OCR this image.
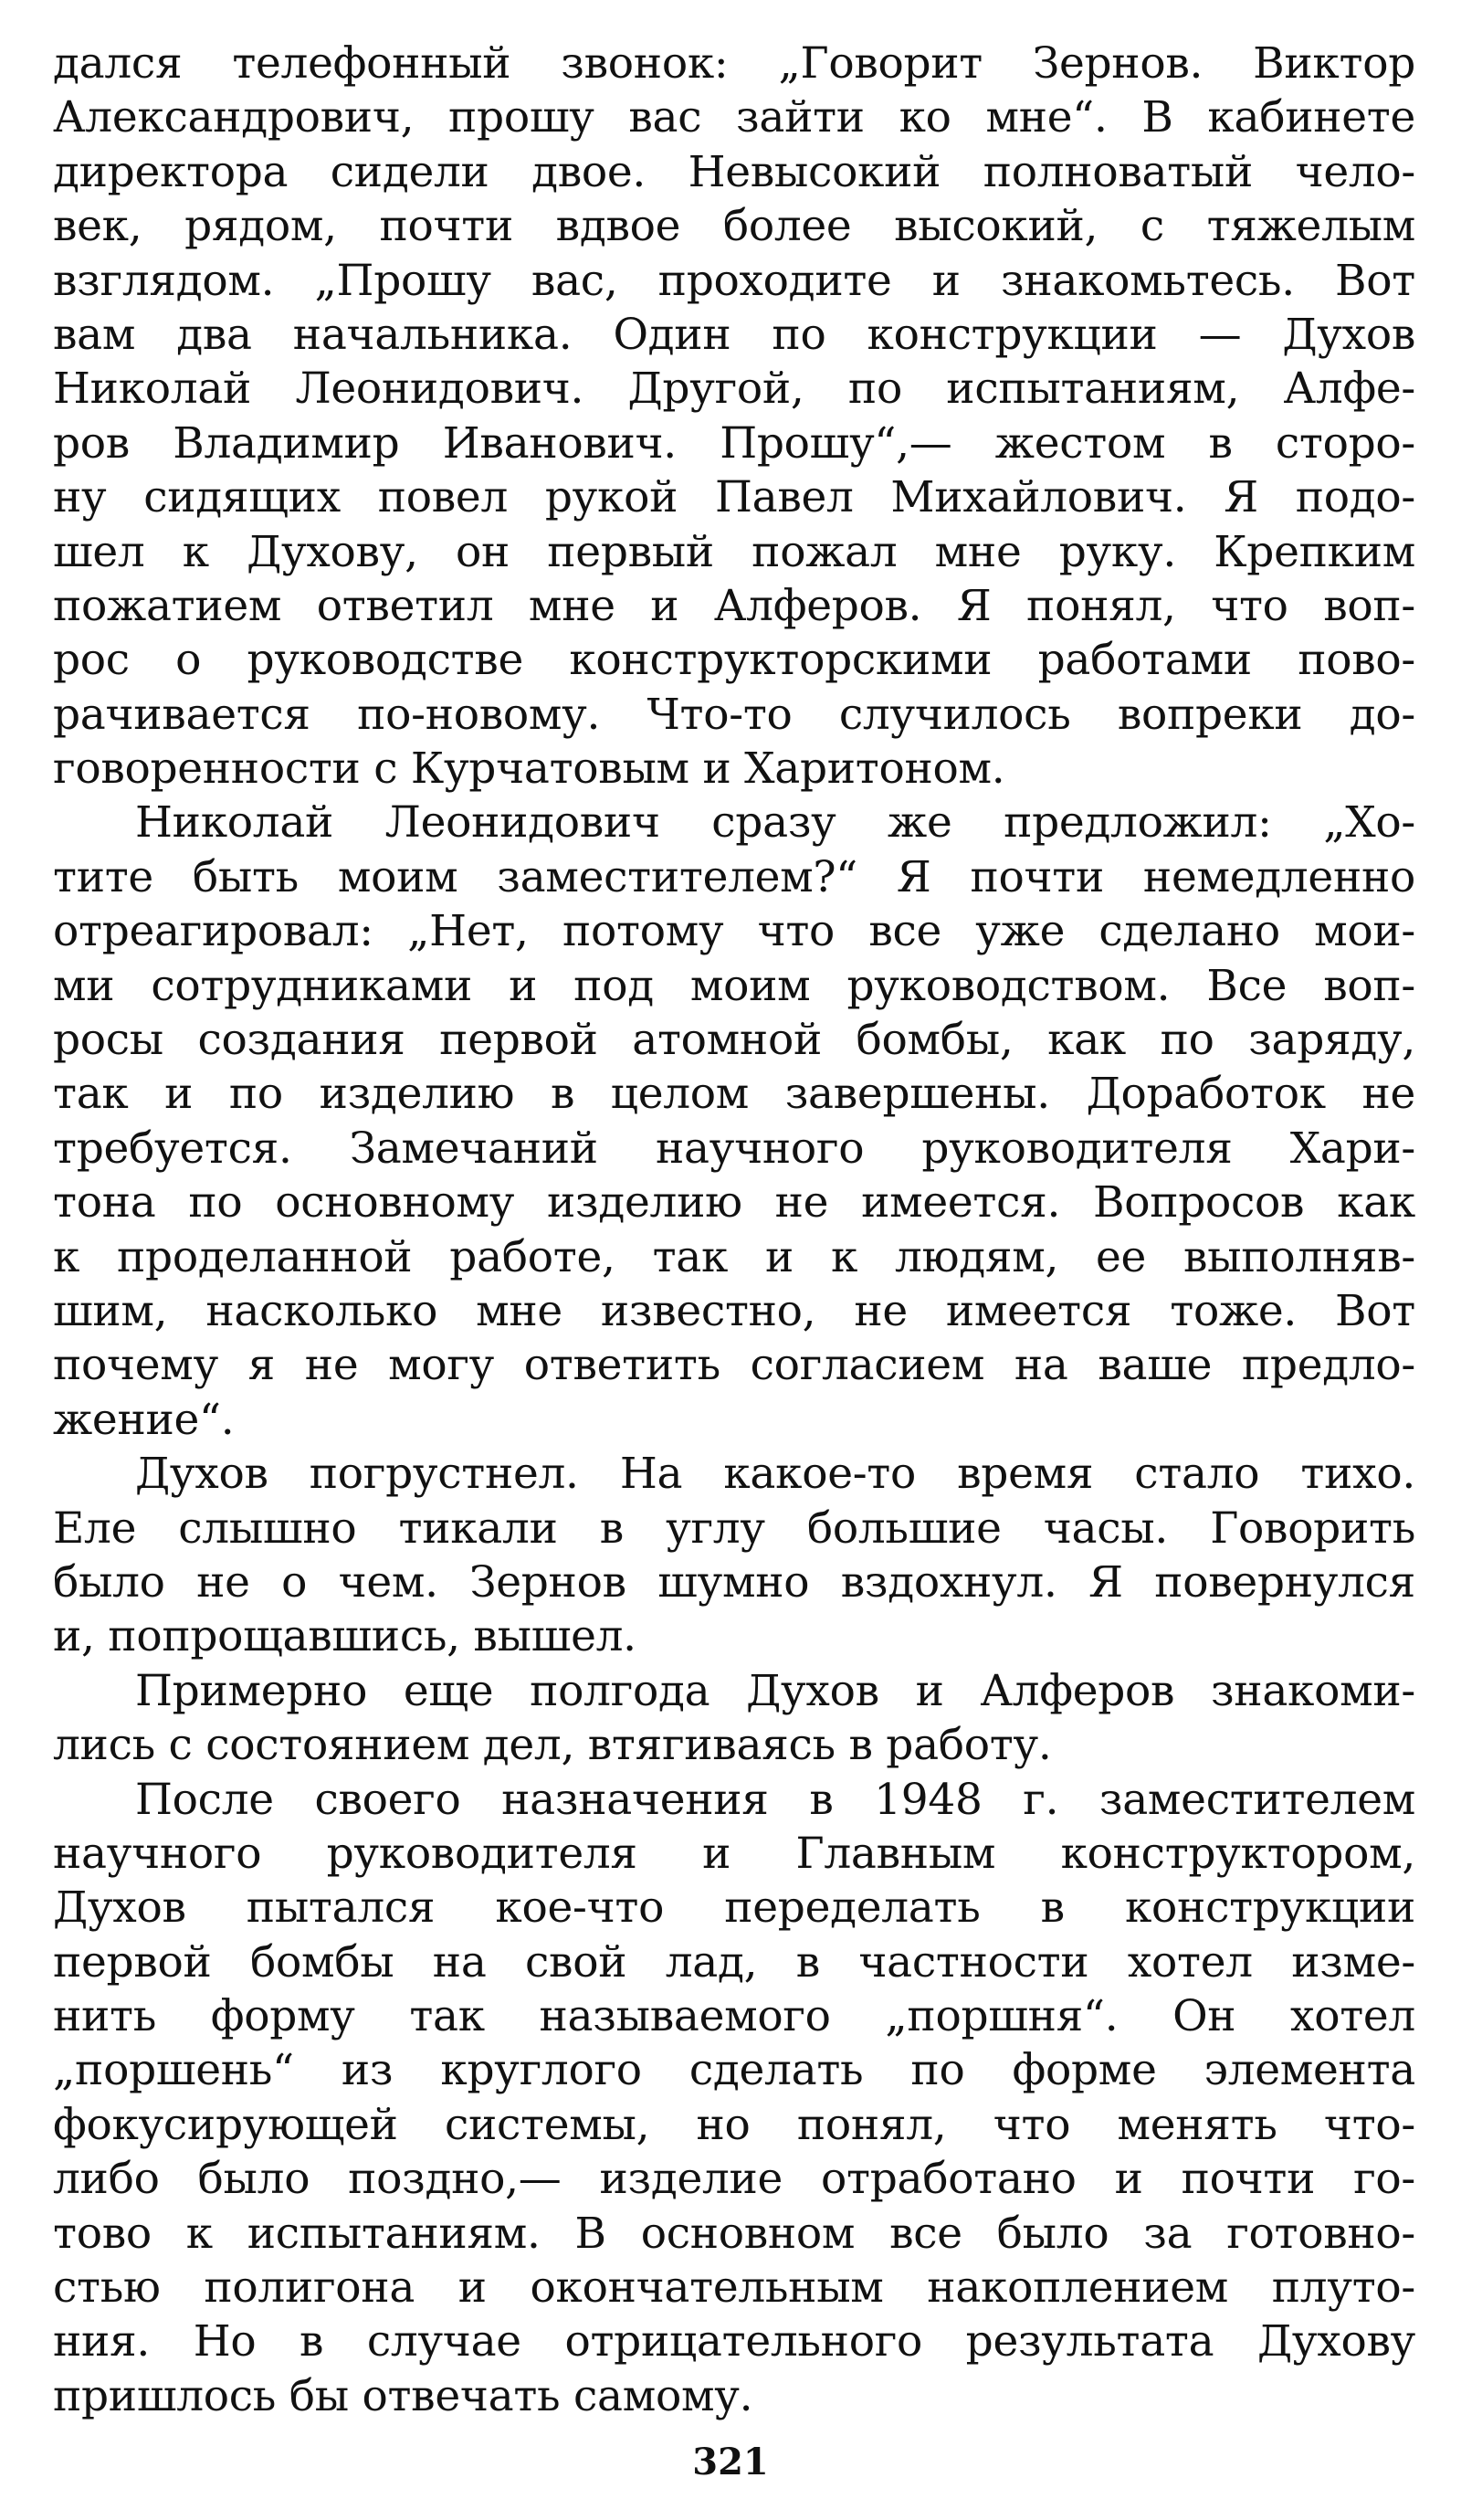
дался телефонный звонок: „Говорит Зернов. Виктор
Александрович, прошу вас зайти ко мне“. В кабинете
директора сидели двое. Невысокий полноватый чело-
век, рядом, почти вдвое более высокий, с тяжелым
взглядом. „Прошу вас, проходите и знакомьтесь. Вот
вам два начальника. Один по конструкции — Духов
Николай Леонидович. Другой, по испытаниям, Алфе-
ров Владимир Иванович. Прошу“,— жестом в сторо-
ну сидящих повел рукой Павел Михайлович. Я подо-
шел к Духову, он первый пожал мне руку. Крепким
пожатием ответил мне и Алферов. Я понял, что воп-
рос о руководстве конструкторскими работами пово-
рачивается по-новому. Что-то случилось вопреки до-
говоренности с Курчатовым и Харитоном.
Николай Леонидович сразу же предложил: „Хо-
тите быть моим заместителем?“ Я почти немедленно
отреагировал: „Нет, потому что все уже сделано мои-
ми сотрудниками и под моим руководством. Все воп-
росы создания первой атомной бомбы, как по заряду,
так и по изделию в целом завершены. Доработок не
требуется. Замечаний научного руководителя Хари-
тона по основному изделию не имеется. Вопросов как
к проделанной работе, так и к людям, ее выполняв-
шим, насколько мне известно, не имеется тоже. Вот
почему я не могу ответить согласием на ваше предло-
жение“.
Духов погрустнел. На какое-то время стало тихо.
Еле слышно тикали в углу большие часы. Говорить
было не о чем. Зернов шумно вздохнул. Я повернулся
и, попрощавшись, вышел.
Примерно еще полгода Духов и Алферов знакоми-
лись с состоянием дел, втягиваясь в работу.
После своего назначения в 1948 г. заместителем
научного руководителя и Главным конструктором,
Духов пытался кое-что переделать в конструкции
первой бомбы на свой лад, в частности хотел изме-
нить форму так называемого „поршня“. Он хотел
„поршень“ из круглого сделать по форме элемента
фокусирующей системы, но понял, что менять что-
либо было поздно,— изделие отработано и почти го-
тово к испытаниям. В основном все было за готовно-
стью полигона и окончательным накоплением плуто-
ния. Но в случае отрицательного результата Духову
пришлось бы отвечать самому.
321
